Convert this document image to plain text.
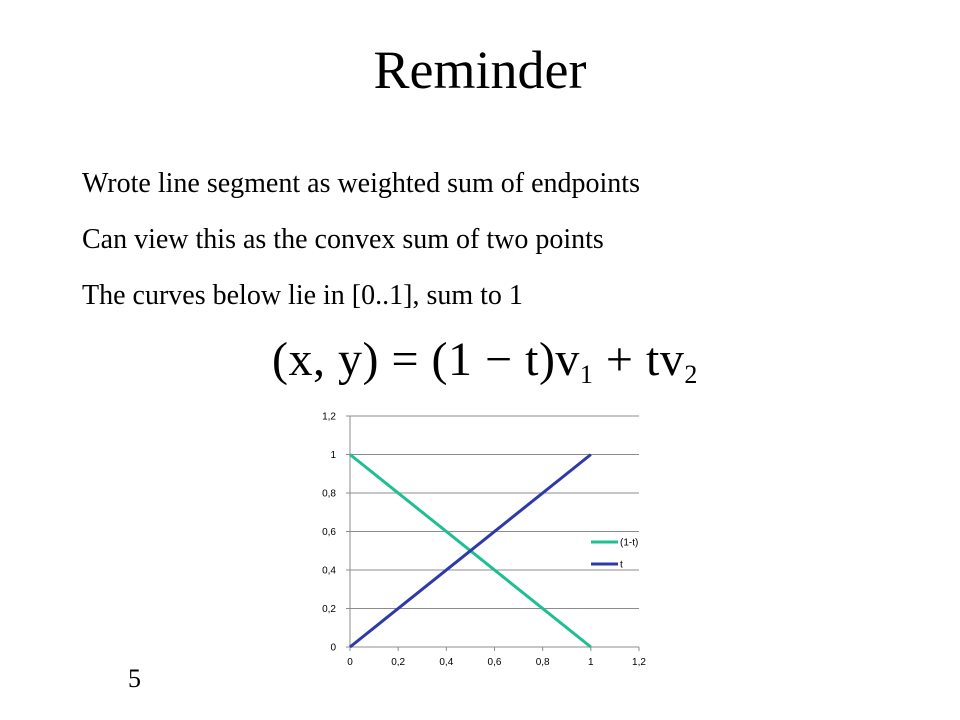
Reminder
Wrote line segment as weighted sum of endpoints
Can view this as the convex sum of two points
The curves below lie in [0..1], sum to 1
(x, $y) = (1 - t)v_1 + tv_2$
0
0,2
0,4
0,6
0,8
1
1,2
0	0,2	0,4	0,6	0,8	1	1,2
(1-t)
t
5
